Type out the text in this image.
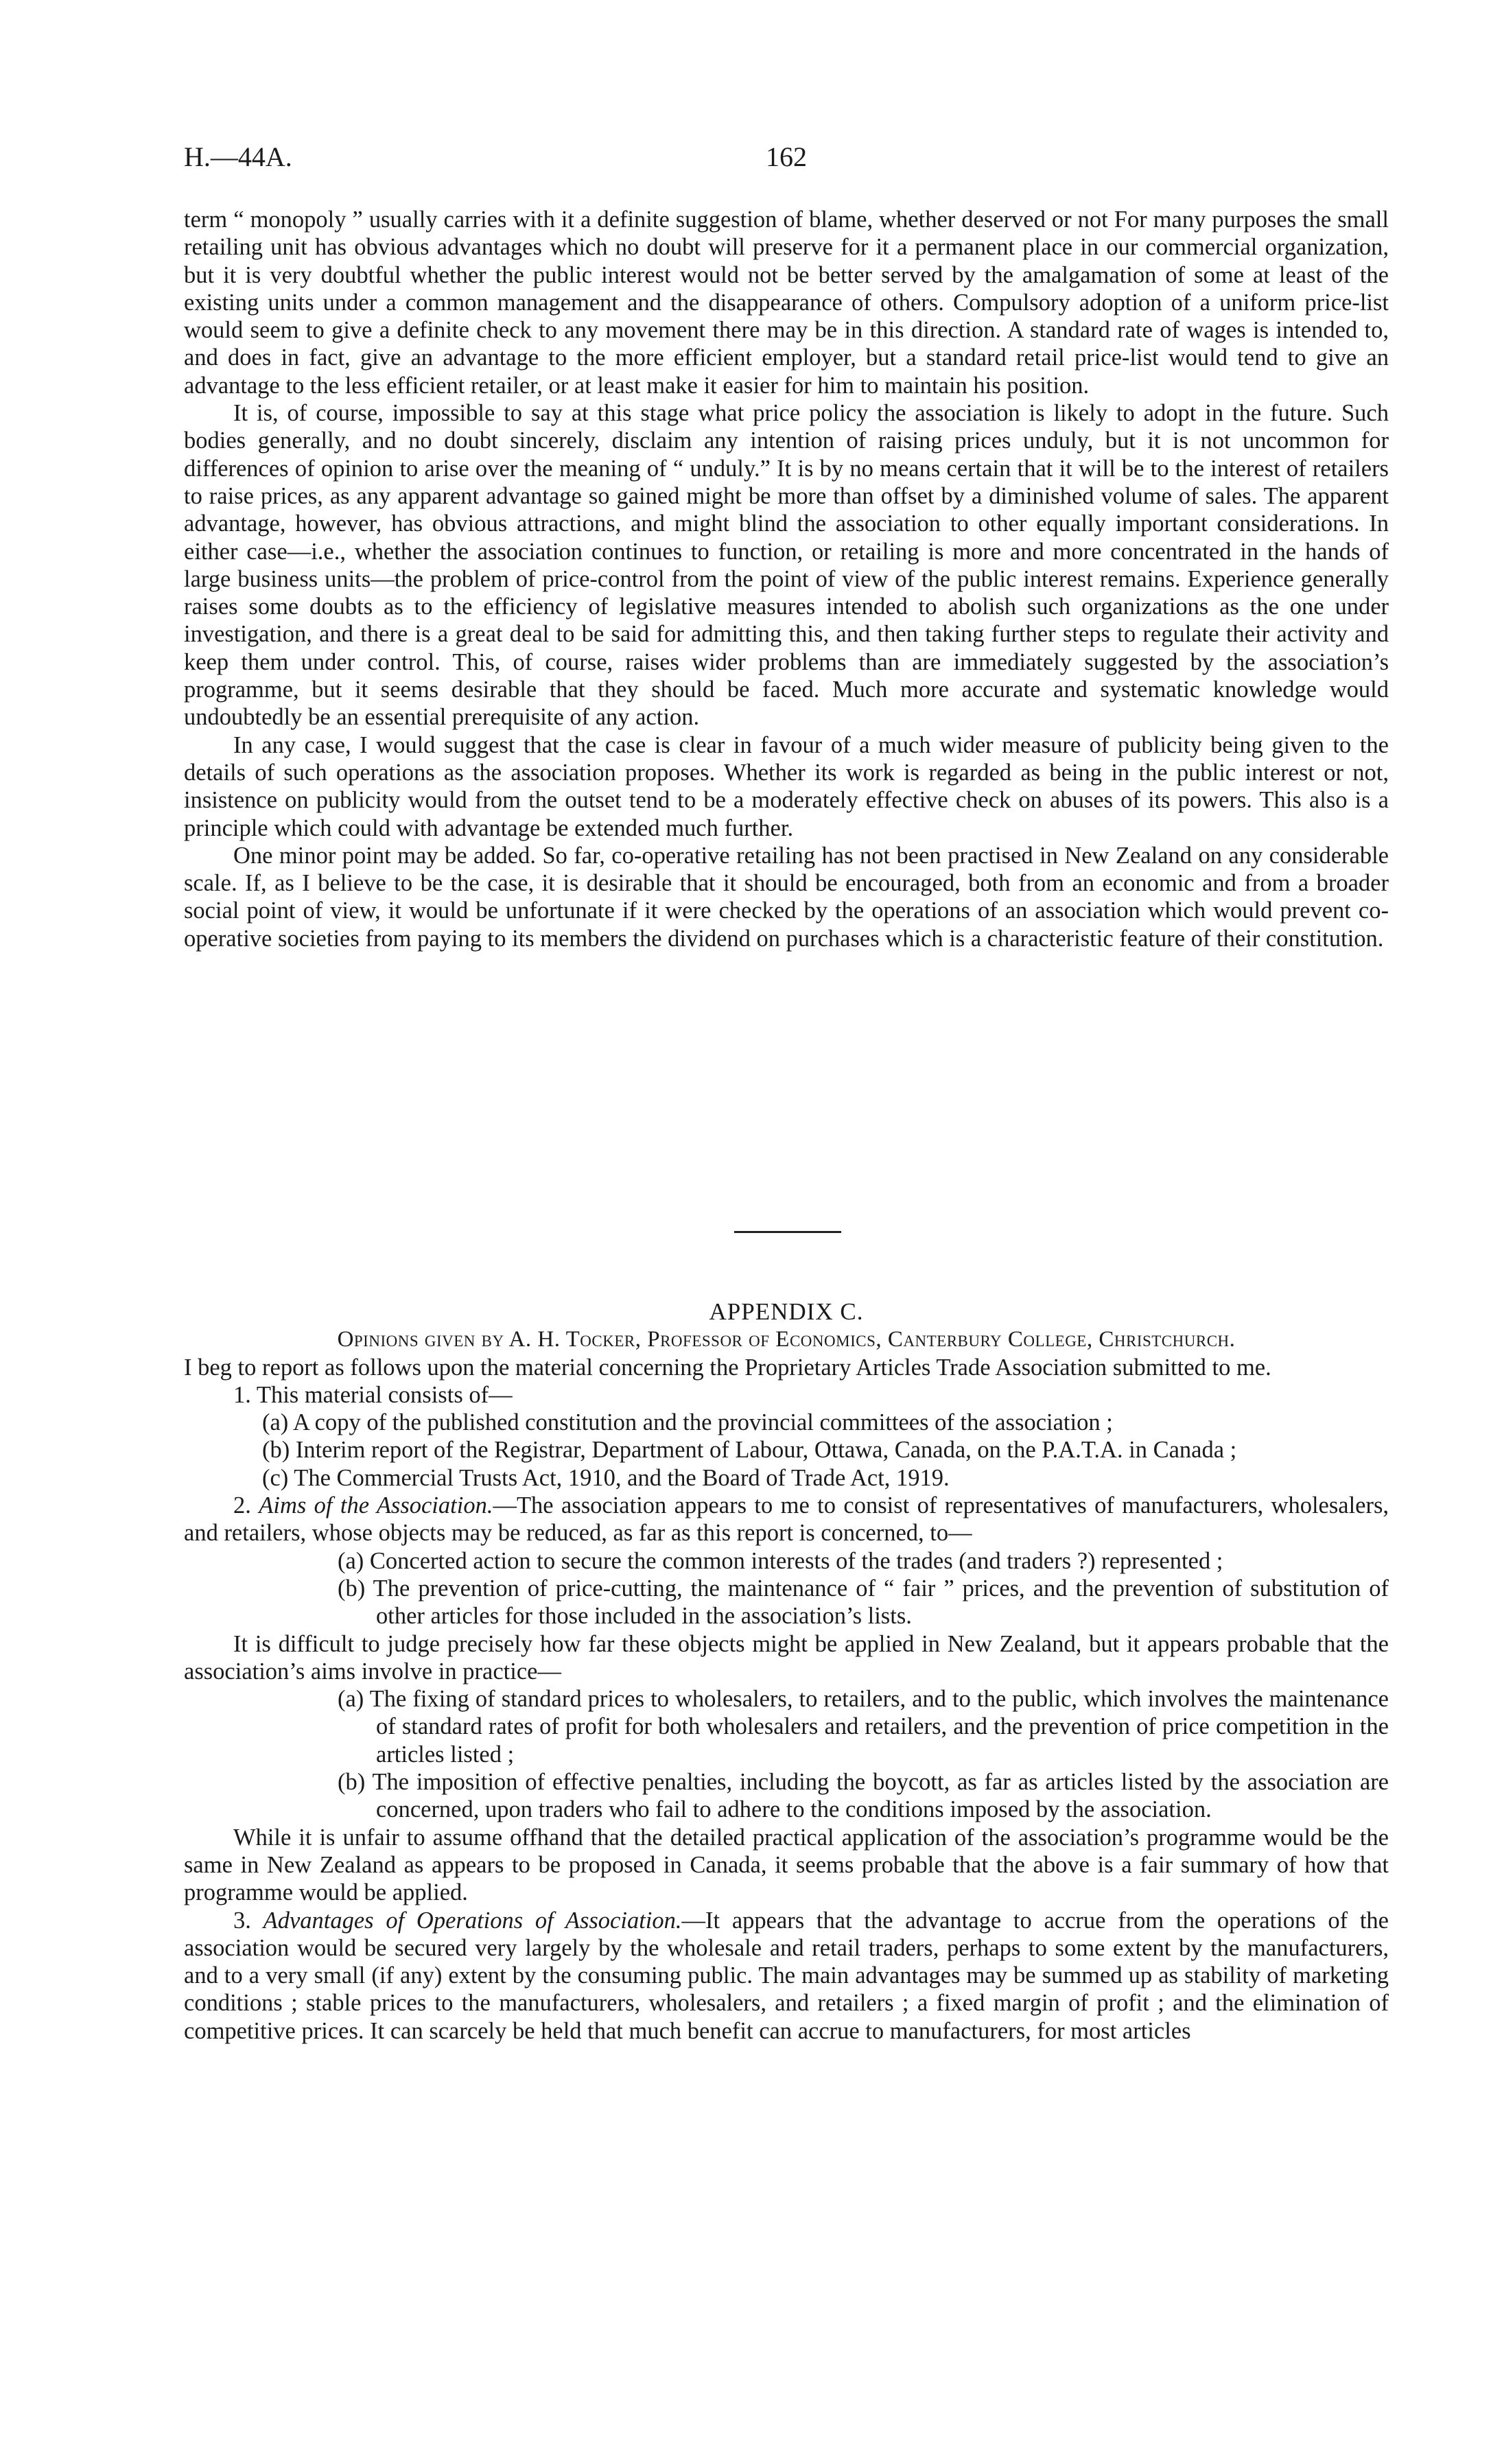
H.—44A.	162

term “ monopoly ” usually carries with it a definite suggestion of blame, whether deserved or not For many purposes the small retailing unit has obvious advantages which no doubt will preserve for it a permanent place in our commercial organization, but it is very doubtful whether the public interest would not be better served by the amalgamation of some at least of the existing units under a common management and the disappearance of others. Compulsory adoption of a uniform price-list would seem to give a definite check to any movement there may be in this direction. A standard rate of wages is intended to, and does in fact, give an advantage to the more efficient employer, but a standard retail price-list would tend to give an advantage to the less efficient retailer, or at least make it easier for him to maintain his position.

It is, of course, impossible to say at this stage what price policy the association is likely to adopt in the future. Such bodies generally, and no doubt sincerely, disclaim any intention of raising prices unduly, but it is not uncommon for differences of opinion to arise over the meaning of “ unduly.” It is by no means certain that it will be to the interest of retailers to raise prices, as any apparent advantage so gained might be more than offset by a diminished volume of sales. The apparent advantage, however, has obvious attractions, and might blind the association to other equally important considerations. In either case—i.e., whether the association continues to function, or retailing is more and more concentrated in the hands of large business units—the problem of price-control from the point of view of the public interest remains. Experience generally raises some doubts as to the efficiency of legislative measures intended to abolish such organizations as the one under investigation, and there is a great deal to be said for admitting this, and then taking further steps to regulate their activity and keep them under control. This, of course, raises wider problems than are immediately suggested by the association’s programme, but it seems desirable that they should be faced. Much more accurate and systematic knowledge would undoubtedly be an essential prerequisite of any action.

In any case, I would suggest that the case is clear in favour of a much wider measure of publicity being given to the details of such operations as the association proposes. Whether its work is regarded as being in the public interest or not, insistence on publicity would from the outset tend to be a moderately effective check on abuses of its powers. This also is a principle which could with advantage be extended much further.

One minor point may be added. So far, co-operative retailing has not been practised in New Zealand on any considerable scale. If, as I believe to be the case, it is desirable that it should be encouraged, both from an economic and from a broader social point of view, it would be unfortunate if it were checked by the operations of an association which would prevent co-operative societies from paying to its members the dividend on purchases which is a characteristic feature of their constitution.

APPENDIX C.

Opinions given by A. H. Tocker, Professor of Economics, Canterbury College, Christchurch.

I beg to report as follows upon the material concerning the Proprietary Articles Trade Association submitted to me.

1. This material consists of—

(a) A copy of the published constitution and the provincial committees of the association ;
(b) Interim report of the Registrar, Department of Labour, Ottawa, Canada, on the P.A.T.A. in Canada ;
(c) The Commercial Trusts Act, 1910, and the Board of Trade Act, 1919.

2. Aims of the Association.—The association appears to me to consist of representatives of manufacturers, wholesalers, and retailers, whose objects may be reduced, as far as this report is concerned, to—

(a) Concerted action to secure the common interests of the trades (and traders ?) represented ;
(b) The prevention of price-cutting, the maintenance of “ fair ” prices, and the prevention of substitution of other articles for those included in the association’s lists.

It is difficult to judge precisely how far these objects might be applied in New Zealand, but it appears probable that the association’s aims involve in practice—

(a) The fixing of standard prices to wholesalers, to retailers, and to the public, which involves the maintenance of standard rates of profit for both wholesalers and retailers, and the prevention of price competition in the articles listed ;
(b) The imposition of effective penalties, including the boycott, as far as articles listed by the association are concerned, upon traders who fail to adhere to the conditions imposed by the association.

While it is unfair to assume offhand that the detailed practical application of the association’s programme would be the same in New Zealand as appears to be proposed in Canada, it seems probable that the above is a fair summary of how that programme would be applied.

3. Advantages of Operations of Association.—It appears that the advantage to accrue from the operations of the association would be secured very largely by the wholesale and retail traders, perhaps to some extent by the manufacturers, and to a very small (if any) extent by the consuming public. The main advantages may be summed up as stability of marketing conditions ; stable prices to the manufacturers, wholesalers, and retailers ; a fixed margin of profit ; and the elimination of competitive prices. It can scarcely be held that much benefit can accrue to manufacturers, for most articles
